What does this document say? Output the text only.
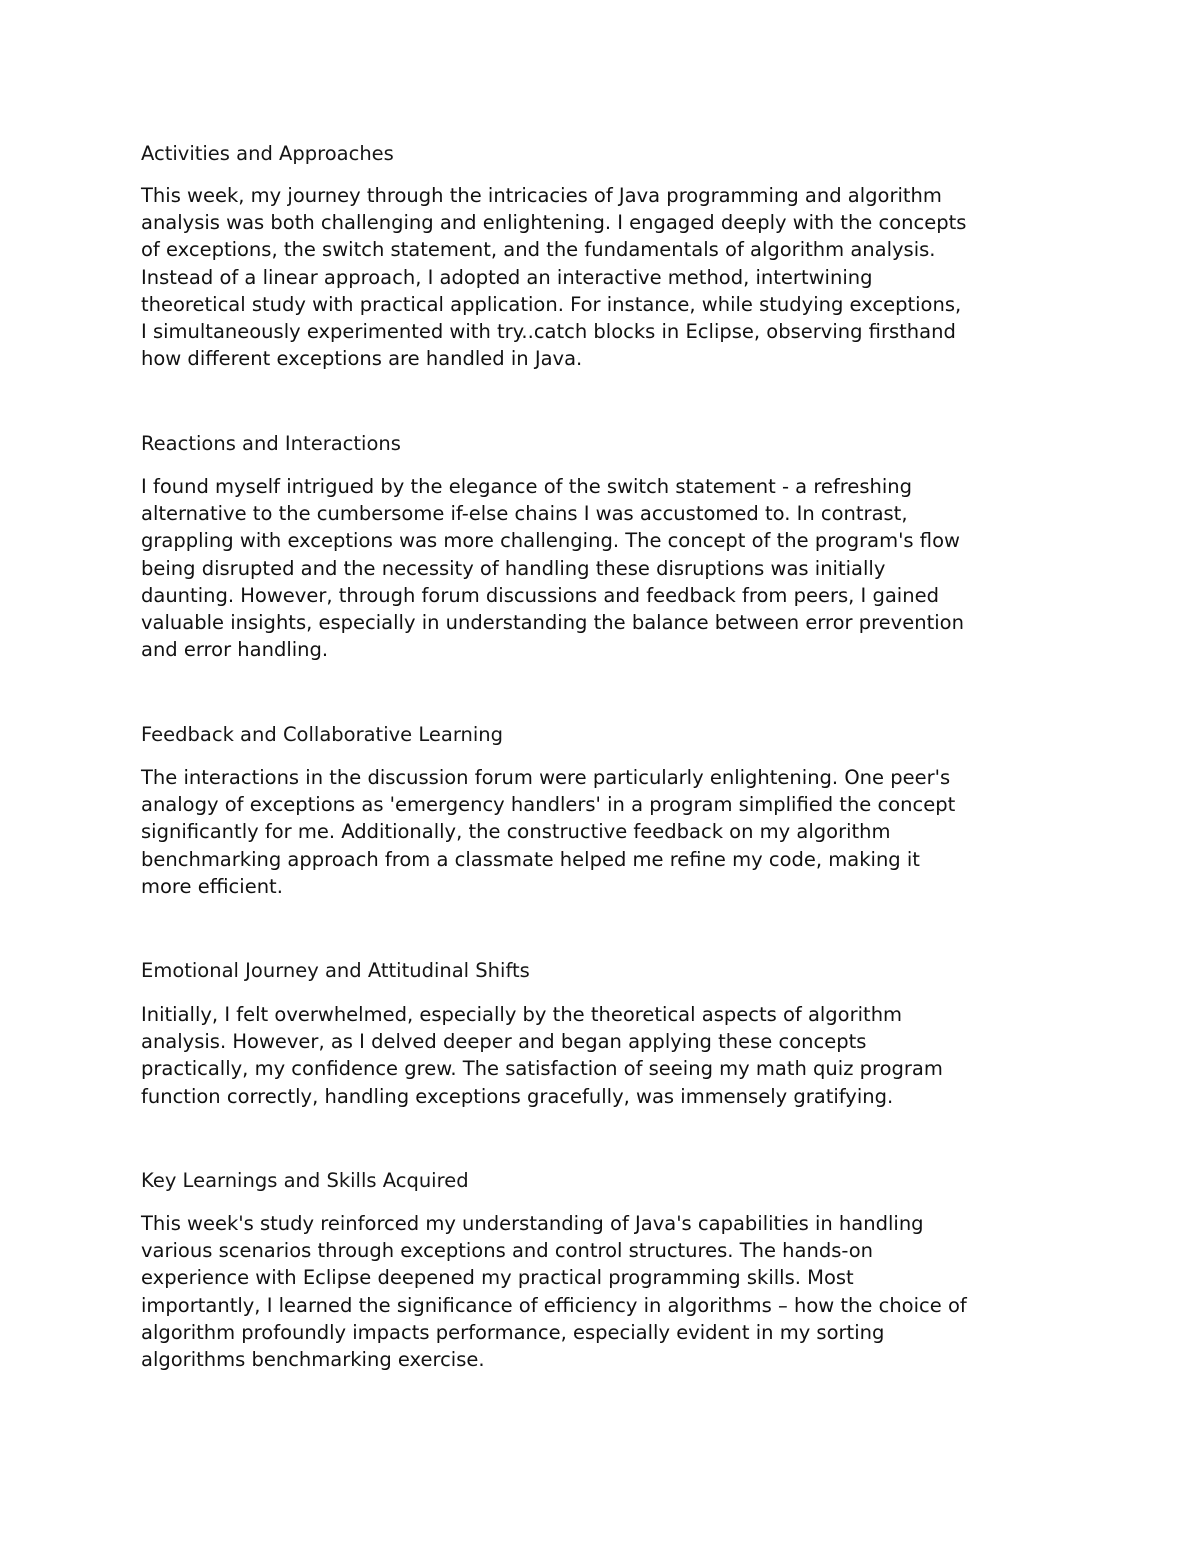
Activities and Approaches
This week, my journey through the intricacies of Java programming and algorithm
analysis was both challenging and enlightening. I engaged deeply with the concepts
of exceptions, the switch statement, and the fundamentals of algorithm analysis.
Instead of a linear approach, I adopted an interactive method, intertwining
theoretical study with practical application. For instance, while studying exceptions,
I simultaneously experimented with try..catch blocks in Eclipse, observing firsthand
how different exceptions are handled in Java.
Reactions and Interactions
I found myself intrigued by the elegance of the switch statement - a refreshing
alternative to the cumbersome if-else chains I was accustomed to. In contrast,
grappling with exceptions was more challenging. The concept of the program's flow
being disrupted and the necessity of handling these disruptions was initially
daunting. However, through forum discussions and feedback from peers, I gained
valuable insights, especially in understanding the balance between error prevention
and error handling.
Feedback and Collaborative Learning
The interactions in the discussion forum were particularly enlightening. One peer's
analogy of exceptions as 'emergency handlers' in a program simplified the concept
significantly for me. Additionally, the constructive feedback on my algorithm
benchmarking approach from a classmate helped me refine my code, making it
more efficient.
Emotional Journey and Attitudinal Shifts
Initially, I felt overwhelmed, especially by the theoretical aspects of algorithm
analysis. However, as I delved deeper and began applying these concepts
practically, my confidence grew. The satisfaction of seeing my math quiz program
function correctly, handling exceptions gracefully, was immensely gratifying.
Key Learnings and Skills Acquired
This week's study reinforced my understanding of Java's capabilities in handling
various scenarios through exceptions and control structures. The hands-on
experience with Eclipse deepened my practical programming skills. Most
importantly, I learned the significance of efficiency in algorithms – how the choice of
algorithm profoundly impacts performance, especially evident in my sorting
algorithms benchmarking exercise.
